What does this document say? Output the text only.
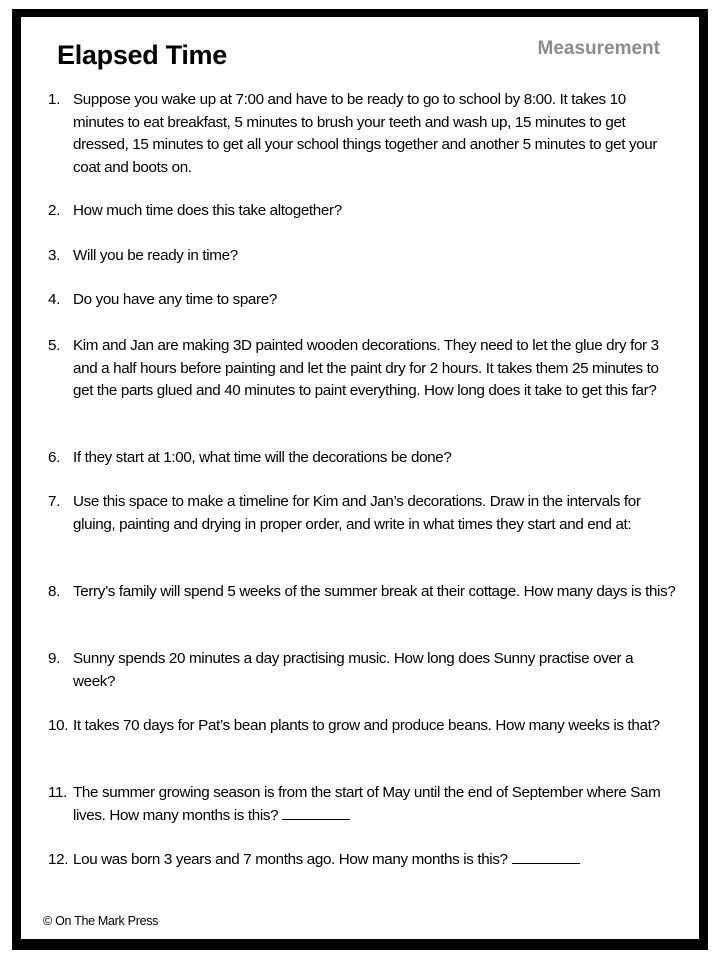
Elapsed Time	Measurement
1. Suppose you wake up at 7:00 and have to be ready to go to school by 8:00. It takes 10 minutes to eat breakfast, 5 minutes to brush your teeth and wash up, 15 minutes to get dressed, 15 minutes to get all your school things together and another 5 minutes to get your coat and boots on.
2. How much time does this take altogether?
3. Will you be ready in time?
4. Do you have any time to spare?
5. Kim and Jan are making 3D painted wooden decorations. They need to let the glue dry for 3 and a half hours before painting and let the paint dry for 2 hours. It takes them 25 minutes to get the parts glued and 40 minutes to paint everything. How long does it take to get this far?
6. If they start at 1:00, what time will the decorations be done?
7. Use this space to make a timeline for Kim and Jan’s decorations. Draw in the intervals for gluing, painting and drying in proper order, and write in what times they start and end at:
8. Terry’s family will spend 5 weeks of the summer break at their cottage. How many days is this?
9. Sunny spends 20 minutes a day practising music. How long does Sunny practise over a week?
10. It takes 70 days for Pat’s bean plants to grow and produce beans. How many weeks is that?
11. The summer growing season is from the start of May until the end of September where Sam lives. How many months is this?
12. Lou was born 3 years and 7 months ago. How many months is this?
© On The Mark Press
